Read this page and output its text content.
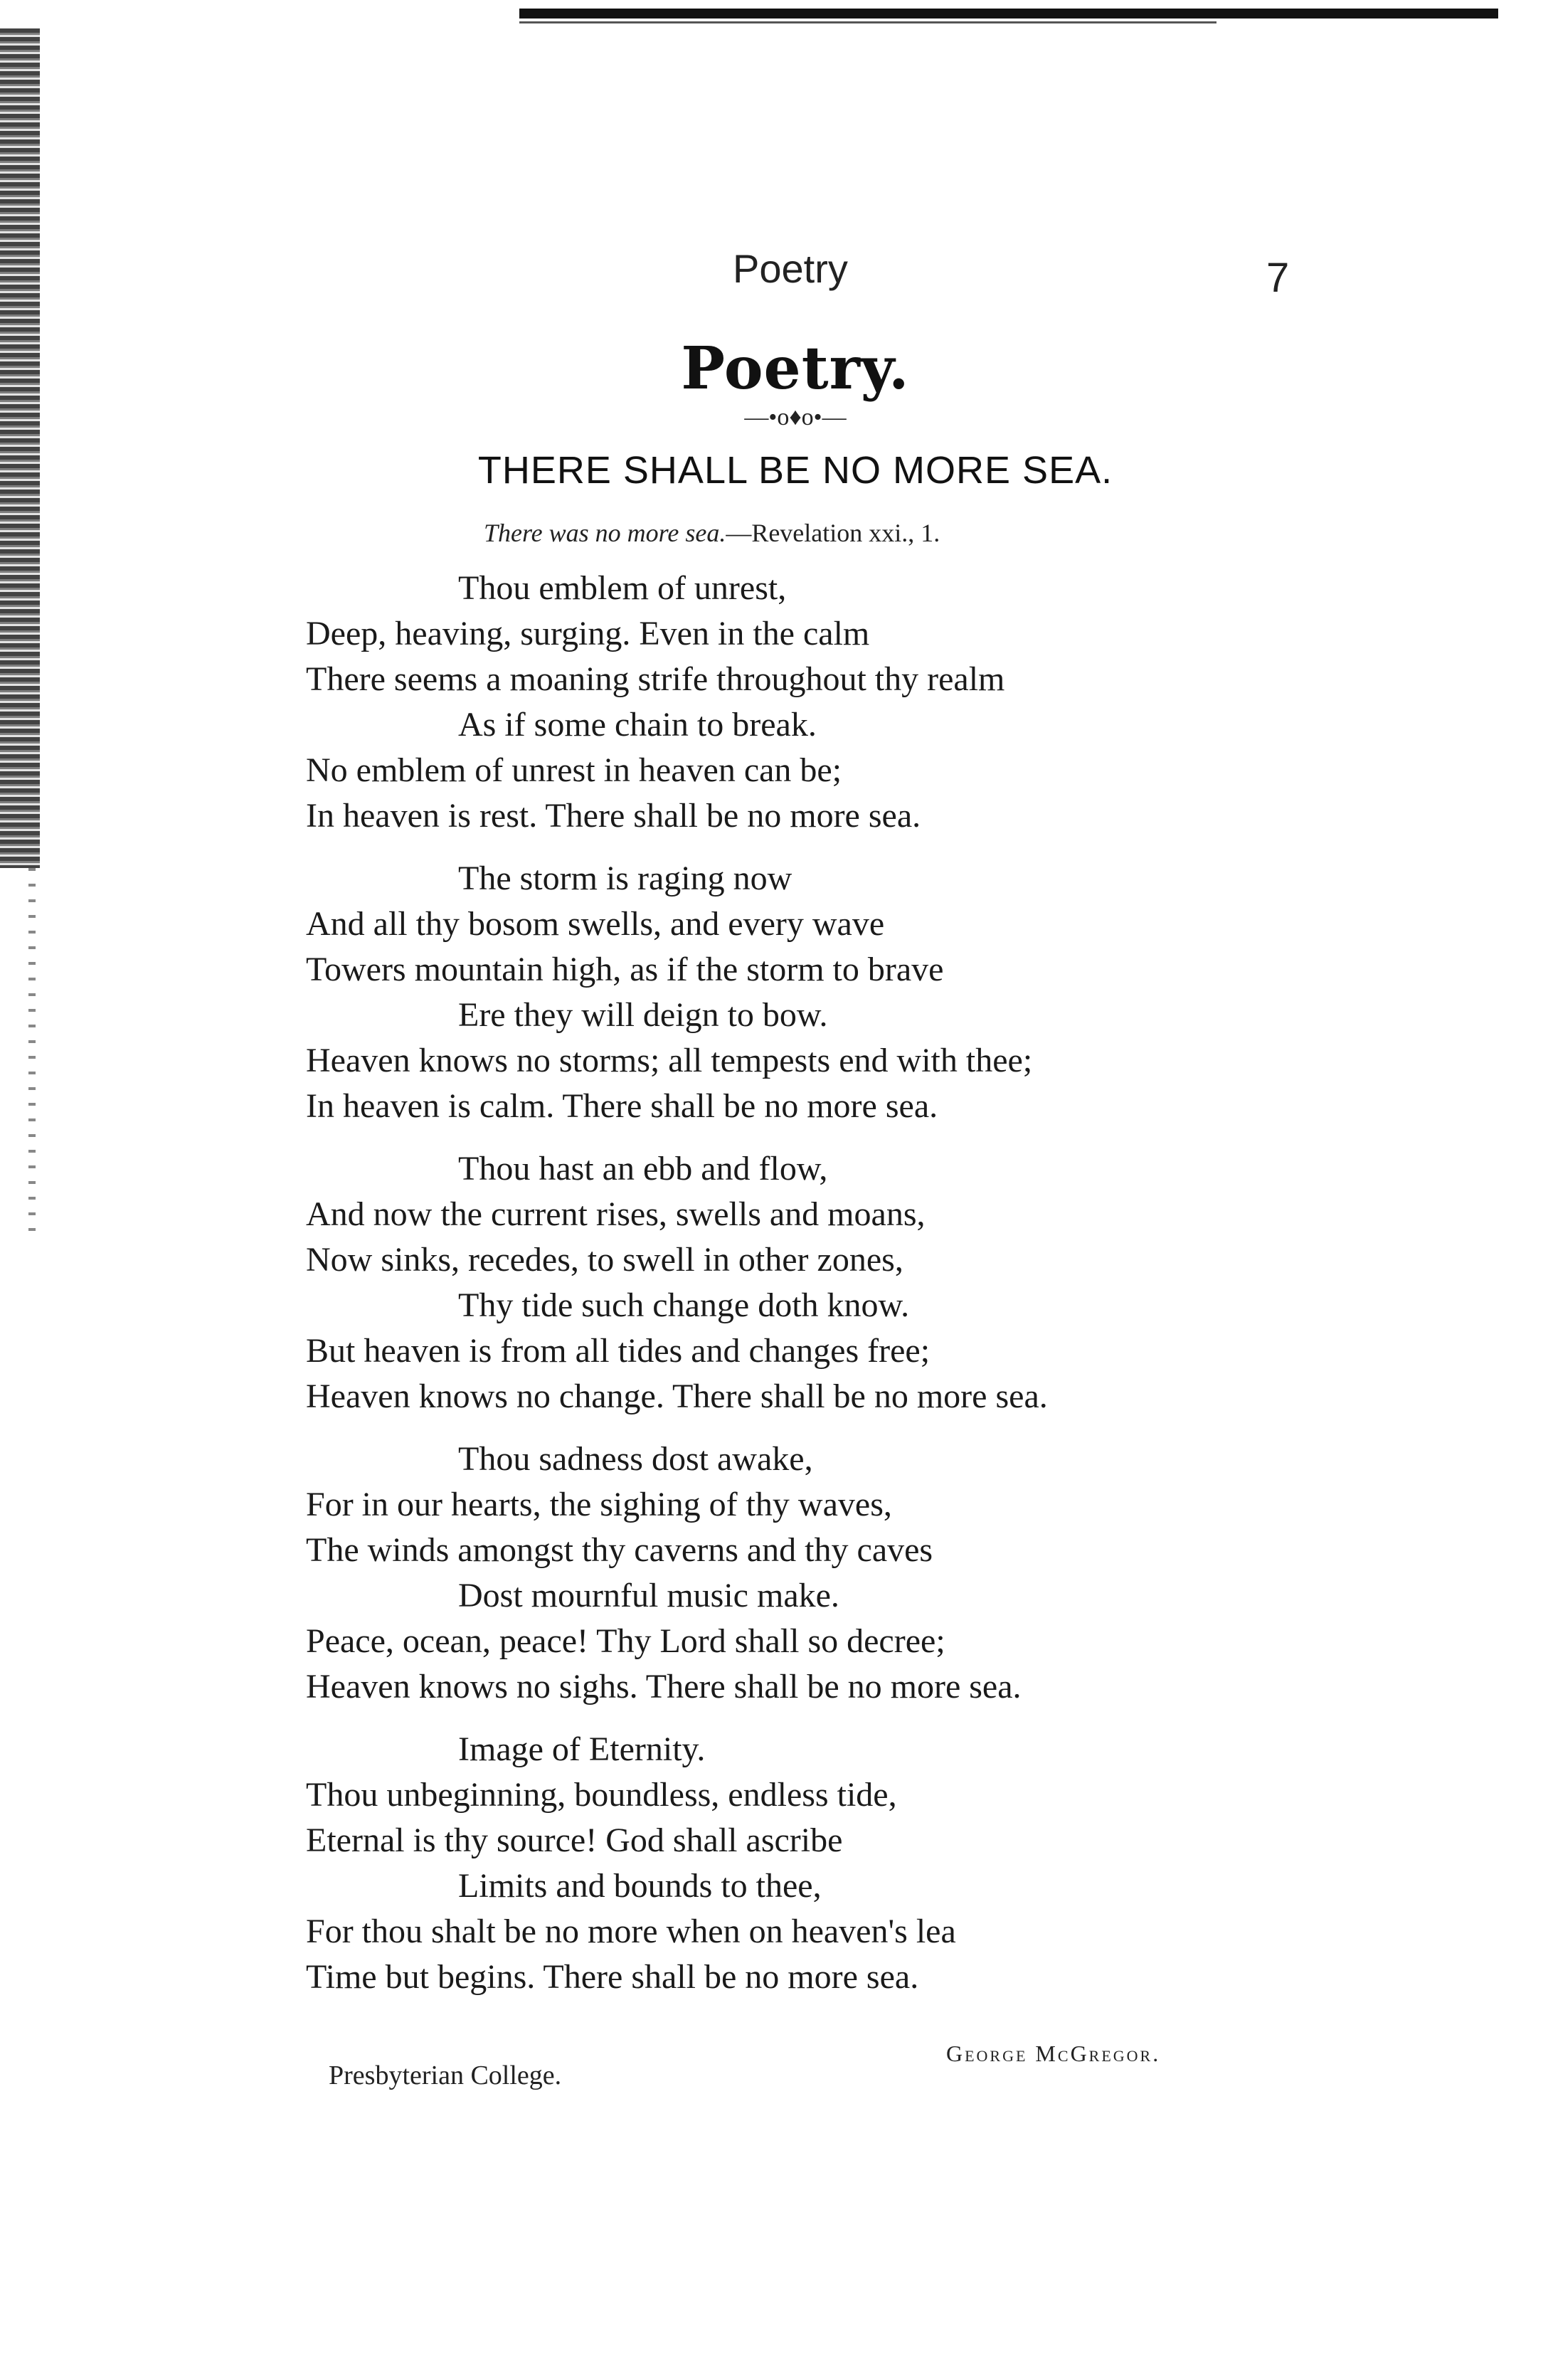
Poetry	7
Poetry.
—•o♦o•—
THERE SHALL BE NO MORE SEA.
There was no more sea.—Revelation xxi., 1.
Thou emblem of unrest,
Deep, heaving, surging. Even in the calm
There seems a moaning strife throughout thy realm
As if some chain to break.
No emblem of unrest in heaven can be;
In heaven is rest. There shall be no more sea.
The storm is raging now
And all thy bosom swells, and every wave
Towers mountain high, as if the storm to brave
Ere they will deign to bow.
Heaven knows no storms; all tempests end with thee;
In heaven is calm. There shall be no more sea.
Thou hast an ebb and flow,
And now the current rises, swells and moans,
Now sinks, recedes, to swell in other zones,
Thy tide such change doth know.
But heaven is from all tides and changes free;
Heaven knows no change. There shall be no more sea.
Thou sadness dost awake,
For in our hearts, the sighing of thy waves,
The winds amongst thy caverns and thy caves
Dost mournful music make.
Peace, ocean, peace! Thy Lord shall so decree;
Heaven knows no sighs. There shall be no more sea.
Image of Eternity.
Thou unbeginning, boundless, endless tide,
Eternal is thy source! God shall ascribe
Limits and bounds to thee,
For thou shalt be no more when on heaven's lea
Time but begins. There shall be no more sea.
George McGregor.
Presbyterian College.
